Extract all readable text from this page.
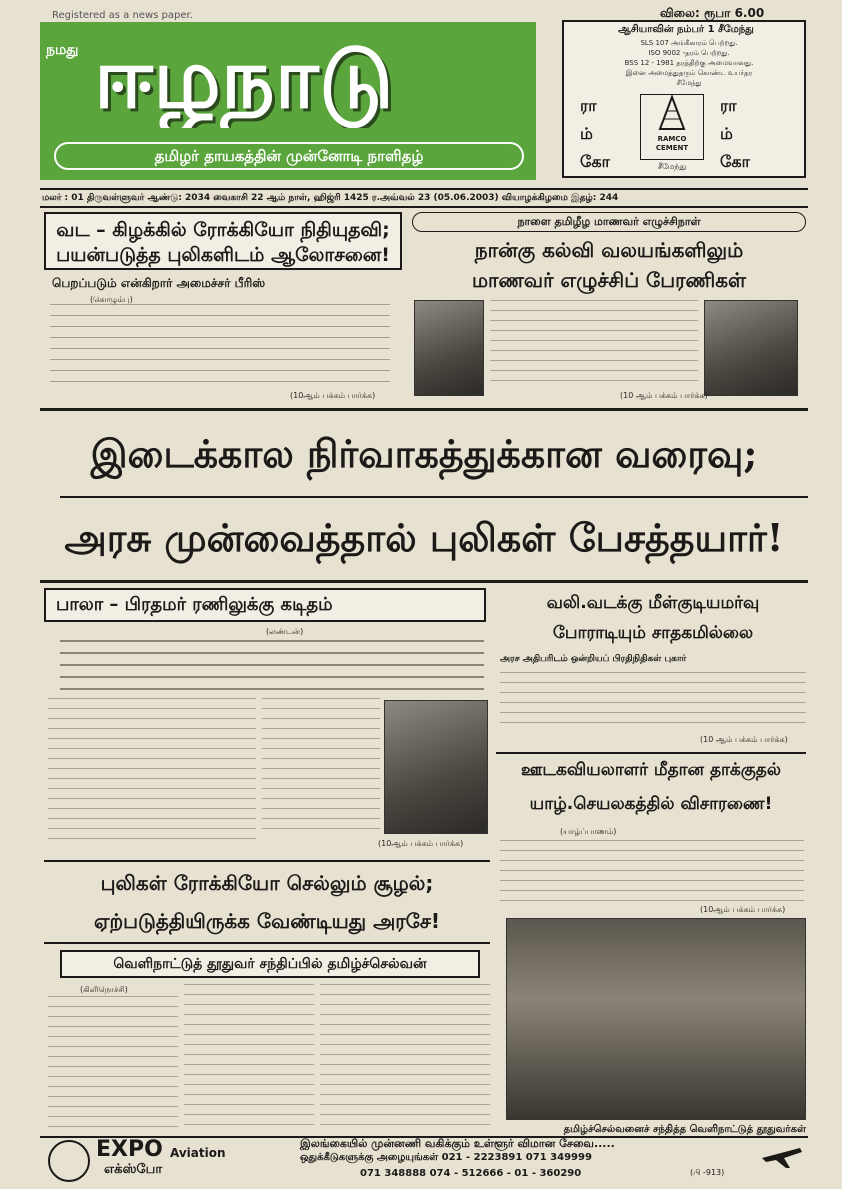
Registered as a news paper.
நமது ஈழநாடு
தமிழர் தாயகத்தின் முன்னோடி நாளிதழ்
விலை: ரூபா 6.00
ஆசியாவின் நம்பர் 1 சீமேந்து
SLS 107 அங்கீகாரம் பெற்றது.
ISO 9002 -தரம் பெற்றது.
BSS 12 - 1981 தரத்திற்கு அமைவானது.
இனை அமைத்துதரும் கொண்ட உயர்தர
சீமேந்து
ரா
ம்
கோ
ரா
ம்
கோ
RAMCO CEMENT
சீமேந்து
மலர் : 01 திருவள்ளுவர் ஆண்டு: 2034 வைகாசி 22 ஆம் நாள், ஹிஜ்ரி 1425 ர.அவ்வல் 23 (05.06.2003) வியாழக்கிழமை இதழ்: 244
வட – கிழக்கில் ரோக்கியோ நிதியுதவி;
பயன்படுத்த புலிகளிடம் ஆலோசனை!
பெறப்படும் என்கிறார் அமைச்சர் பீரிஸ்
(கொழும்பு)
(10ஆம் பக்கம் பார்க்க)
நாளை தமிழீழ மாணவர் எழுச்சிநாள்
நான்கு கல்வி வலயங்களிலும்
மாணவர் எழுச்சிப் பேரணிகள்
(10 ஆம் பக்கம் பார்க்க)
இடைக்கால நிர்வாகத்துக்கான வரைவு;
அரசு முன்வைத்தால் புலிகள் பேசத்தயார்!
பாலா – பிரதமர் ரணிலுக்கு கடிதம்
(லண்டன்)
(10ஆம் பக்கம் பார்க்க)
வலி.வடக்கு மீள்குடியமர்வு
போராடியும் சாதகமில்லை
அரச அதிபரிடம் ஒன்றியப் பிரதிநிதிகள் புகார்
(10 ஆம் பக்கம் பார்க்க)
ஊடகவியலாளர் மீதான தாக்குதல்
யாழ்.செயலகத்தில் விசாரணை!
(யாழ்ப்பாணம்)
(10ஆம் பக்கம் பார்க்க)
புலிகள் ரோக்கியோ செல்லும் சூழல்;
ஏற்படுத்தியிருக்க வேண்டியது அரசே!
வெளிநாட்டுத் தூதுவர் சந்திப்பில் தமிழ்ச்செல்வன்
(கிளிநொச்சி)
தமிழ்ச்செல்வனைச் சந்தித்த வெளிநாட்டுத் தூதுவர்கள்
EXPO Aviation
எக்ஸ்போ
இலங்கையில் முன்னணி வகிக்கும் உள்ளூர் விமான சேவை.....
ஒதுக்கீடுகளுக்கு அழையுங்கள் 021 - 2223891 071 349999
071 348888 074 - 512666 - 01 - 360290	(பி -913)
